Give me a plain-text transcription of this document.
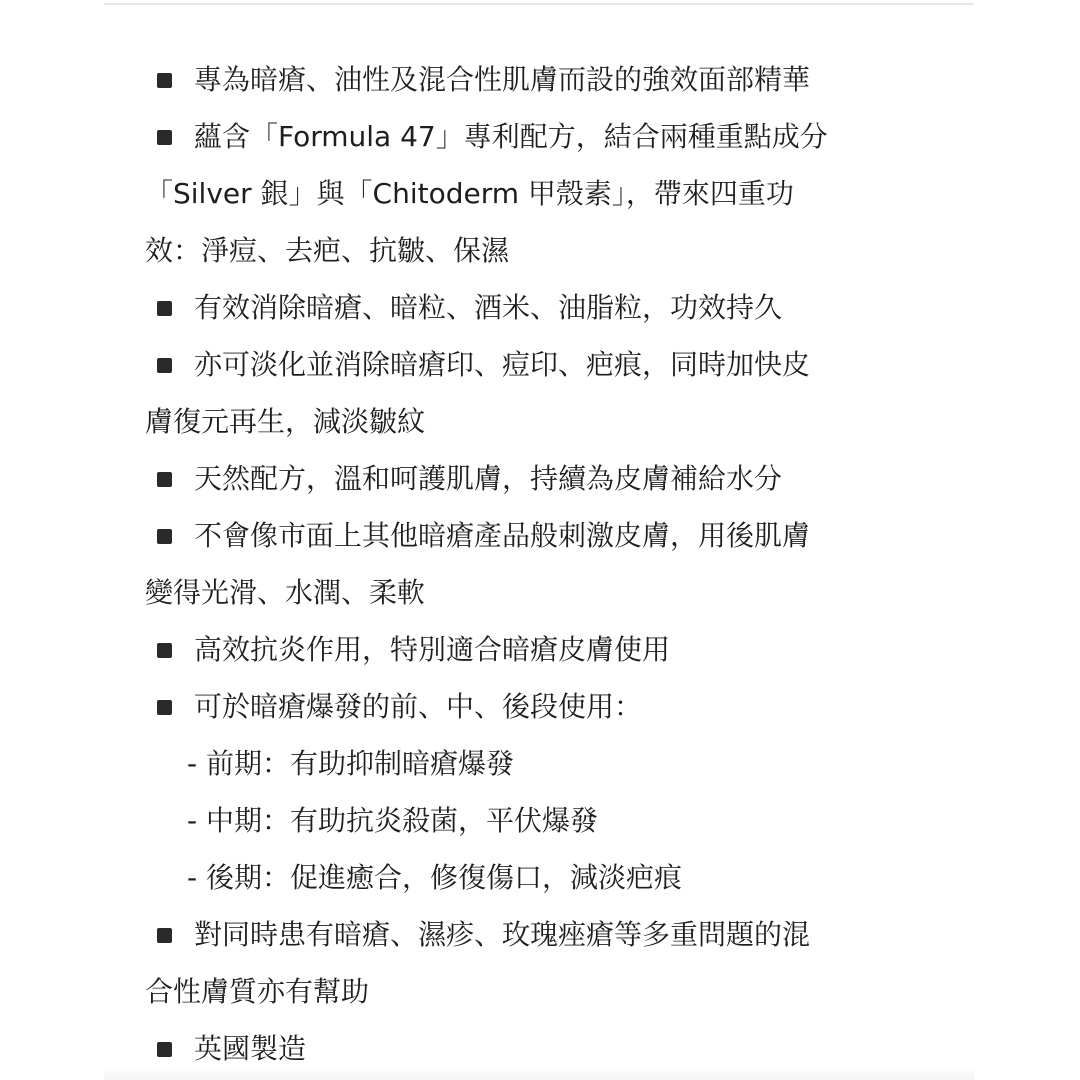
專為暗瘡、油性及混合性肌膚而設的強效面部精華
蘊含「Formula 47」專利配方，結合兩種重點成分
「Silver 銀」與「Chitoderm 甲殼素」，帶來四重功
效：淨痘、去疤、抗皺、保濕
有效消除暗瘡、暗粒、酒米、油脂粒，功效持久
亦可淡化並消除暗瘡印、痘印、疤痕，同時加快皮
膚復元再生，減淡皺紋
天然配方，溫和呵護肌膚，持續為皮膚補給水分
不會像市面上其他暗瘡產品般刺激皮膚，用後肌膚
變得光滑、水潤、柔軟
高效抗炎作用，特別適合暗瘡皮膚使用
可於暗瘡爆發的前、中、後段使用：
- 前期：有助抑制暗瘡爆發
- 中期：有助抗炎殺菌，平伏爆發
- 後期：促進癒合，修復傷口，減淡疤痕
對同時患有暗瘡、濕疹、玫瑰痤瘡等多重問題的混
合性膚質亦有幫助
英國製造
